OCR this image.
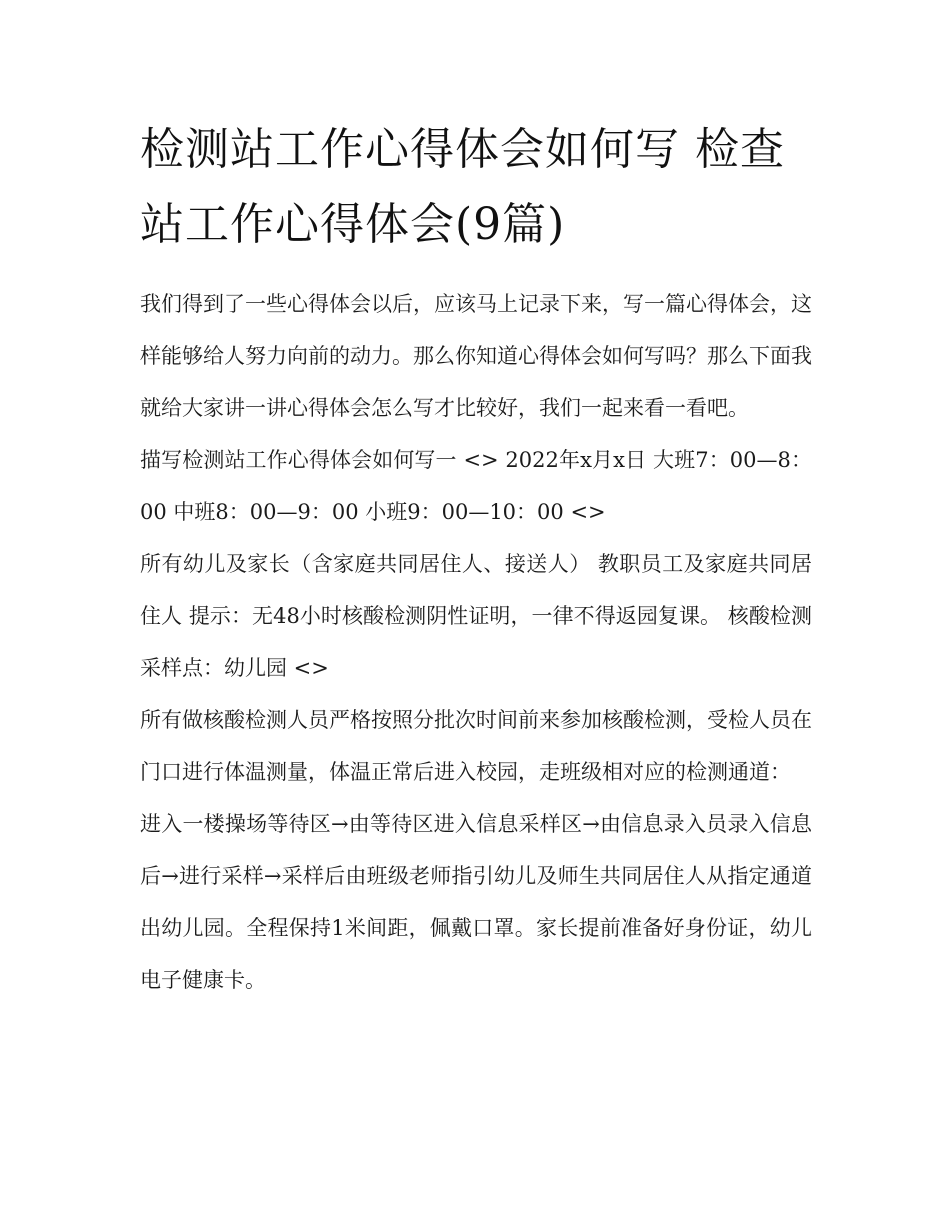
检测站工作心得体会如何写 检查站工作心得体会(9篇)

我们得到了一些心得体会以后，应该马上记录下来，写一篇心得体会，这样能够给人努力向前的动力。那么你知道心得体会如何写吗？那么下面我就给大家讲一讲心得体会怎么写才比较好，我们一起来看一看吧。

描写检测站工作心得体会如何写一 <> 2022年x月x日 大班7：00—8：00 中班8：00—9：00 小班9：00—10：00 <>

所有幼儿及家长（含家庭共同居住人、接送人） 教职员工及家庭共同居住人 提示：无48小时核酸检测阴性证明，一律不得返园复课。 核酸检测采样点：幼儿园 <>

所有做核酸检测人员严格按照分批次时间前来参加核酸检测，受检人员在门口进行体温测量，体温正常后进入校园，走班级相对应的检测通道：

进入一楼操场等待区→由等待区进入信息采样区→由信息录入员录入信息后→进行采样→采样后由班级老师指引幼儿及师生共同居住人从指定通道出幼儿园。全程保持1米间距，佩戴口罩。家长提前准备好身份证，幼儿电子健康卡。
